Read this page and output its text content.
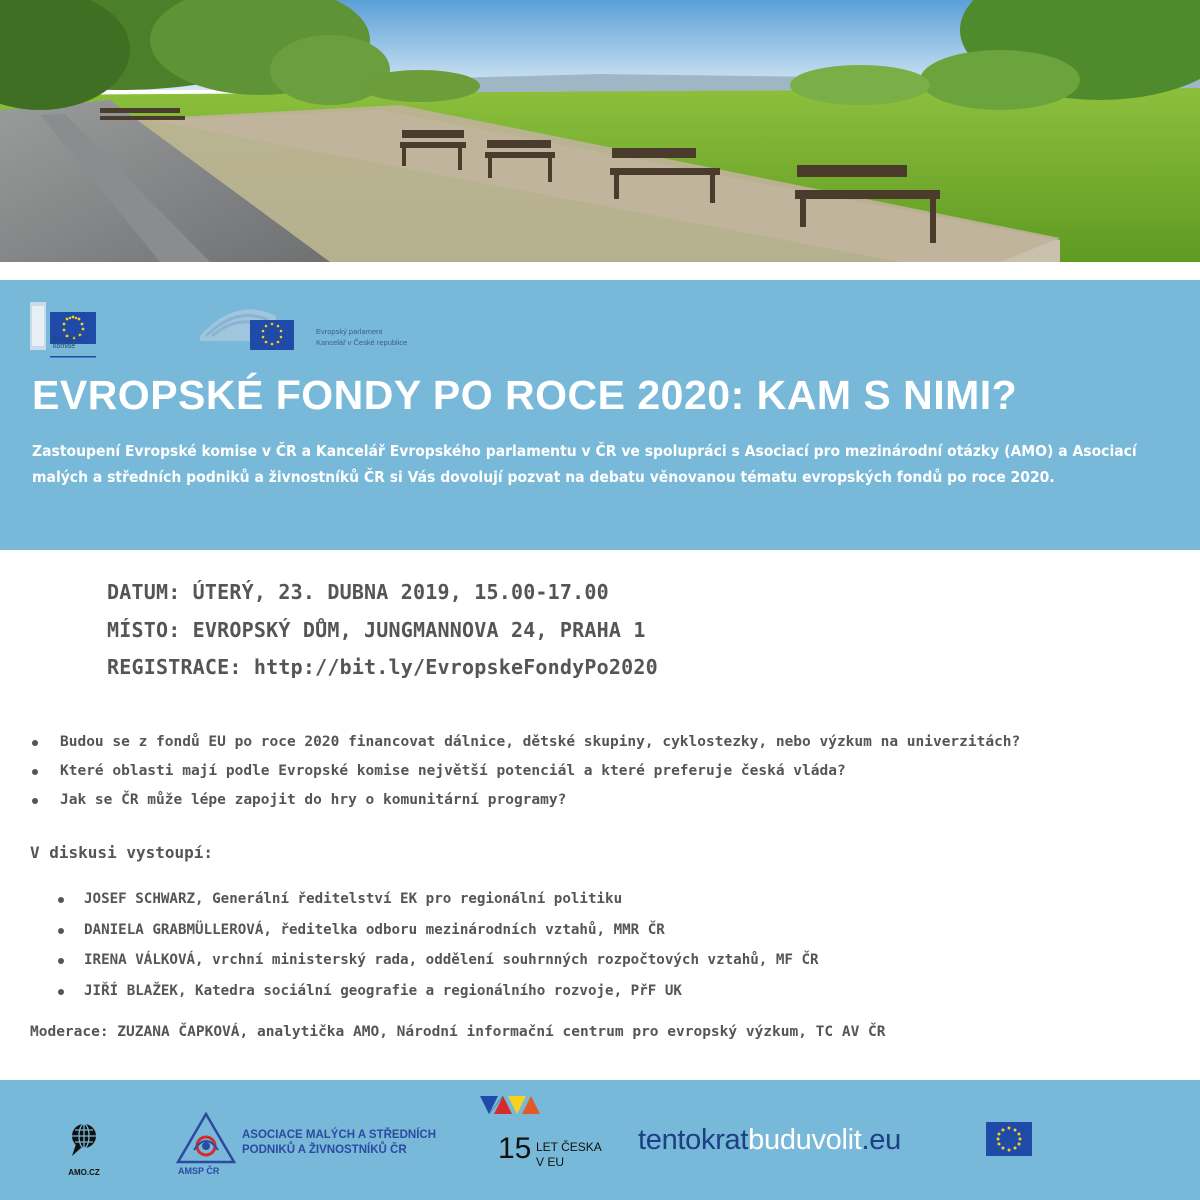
Evropská komise
Evropský parlament
Kancelář v České republice
EVROPSKÉ FONDY PO ROCE 2020: KAM S NIMI?

Zastoupení Evropské komise v ČR a Kancelář Evropského parlamentu v ČR ve spolupráci s Asociací pro mezinárodní otázky (AMO) a Asociací malých a středních podniků a živnostníků ČR si Vás dovolují pozvat na debatu věnovanou tématu evropských fondů po roce 2020.

DATUM: ÚTERÝ, 23. DUBNA 2019, 15.00-17.00
MÍSTO: EVROPSKÝ DŮM, JUNGMANNOVA 24, PRAHA 1
REGISTRACE: http://bit.ly/EvropskeFondyPo2020
Budou se z fondů EU po roce 2020 financovat dálnice, dětské skupiny, cyklostezky, nebo výzkum na univerzitách?
Které oblasti mají podle Evropské komise největší potenciál a které preferuje česká vláda?
Jak se ČR může lépe zapojit do hry o komunitární programy?

V diskusi vystoupí:

JOSEF SCHWARZ, Generální ředitelství EK pro regionální politiku
DANIELA GRABMÜLLEROVÁ, ředitelka odboru mezinárodních vztahů, MMR ČR
IRENA VÁLKOVÁ, vrchní ministerský rada, oddělení souhrnných rozpočtových vztahů, MF ČR
JIŘÍ BLAŽEK, Katedra sociální geografie a regionálního rozvoje, PřF UK

Moderace: ZUZANA ČAPKOVÁ, analytička AMO, Národní informační centrum pro evropský výzkum, TC AV ČR

AMO.CZ
ASOCIACE MALÝCH A STŘEDNÍCH
PODNIKŮ A ŽIVNOSTNÍKŮ ČR
AMSP ČR
15 LET ČESKA
V EU
tentokratbuduvolit.eu
